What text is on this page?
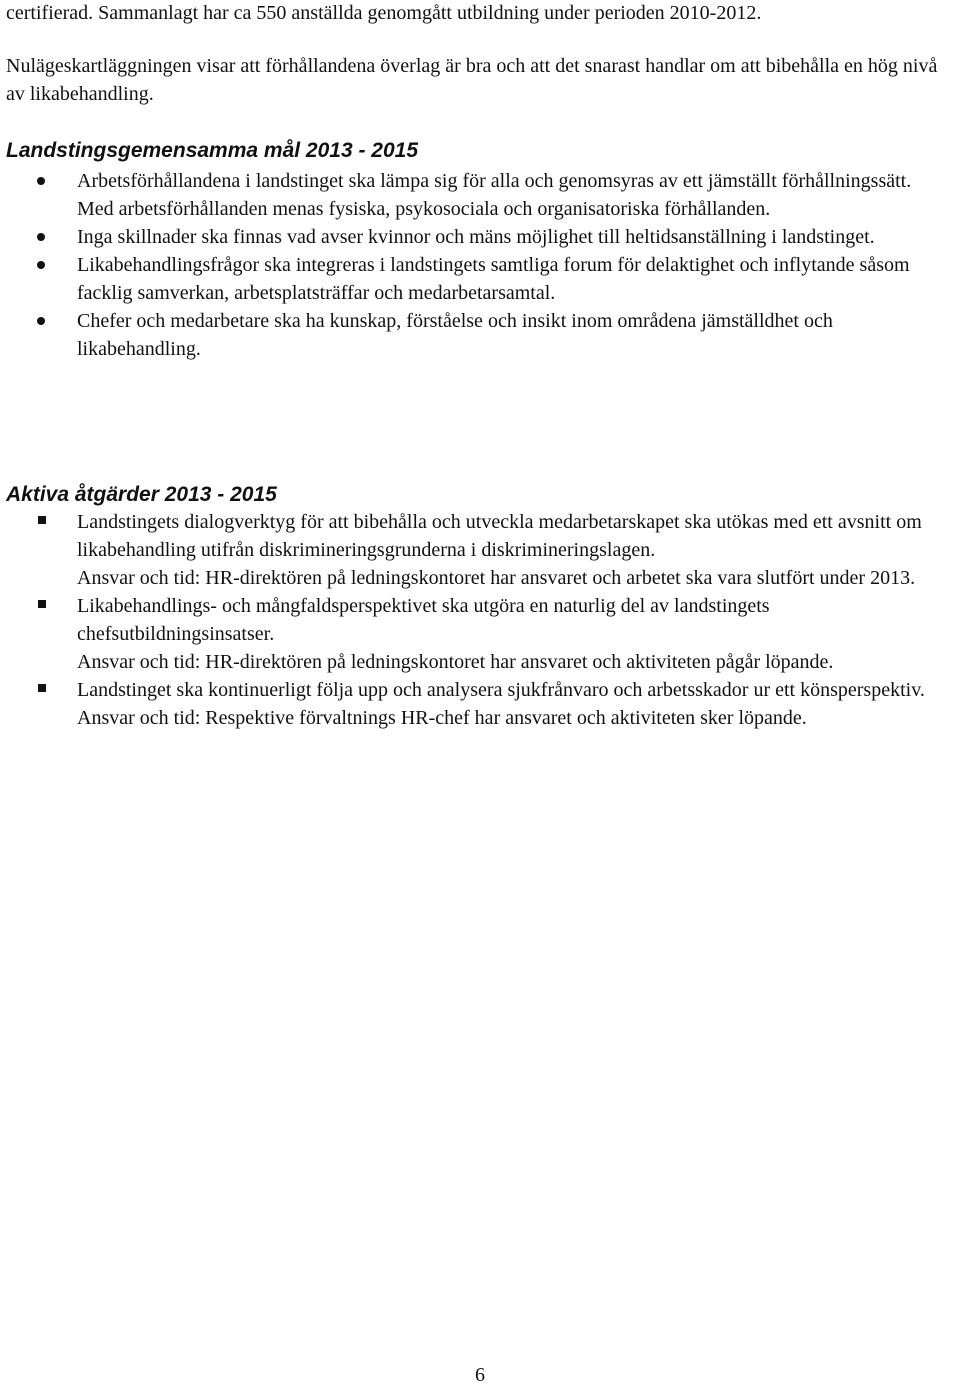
certifierad. Sammanlagt har ca 550 anställda genomgått utbildning under perioden 2010-2012.

Nulägeskartläggningen visar att förhållandena överlag är bra och att det snarast handlar om att bibehålla en hög nivå av likabehandling.

Landstingsgemensamma mål 2013 - 2015
Arbetsförhållandena i landstinget ska lämpa sig för alla och genomsyras av ett jämställt förhållningssätt. Med arbetsförhållanden menas fysiska, psykosociala och organisatoriska förhållanden.
Inga skillnader ska finnas vad avser kvinnor och mäns möjlighet till heltidsanställning i landstinget.
Likabehandlingsfrågor ska integreras i landstingets samtliga forum för delaktighet och inflytande såsom facklig samverkan, arbetsplatsträffar och medarbetarsamtal.
Chefer och medarbetare ska ha kunskap, förståelse och insikt inom områdena jämställdhet och likabehandling.
Aktiva åtgärder 2013 - 2015
Landstingets dialogverktyg för att bibehålla och utveckla medarbetarskapet ska utökas med ett avsnitt om likabehandling utifrån diskrimineringsgrunderna i diskrimineringslagen.
Ansvar och tid: HR-direktören på ledningskontoret har ansvaret och arbetet ska vara slutfört under 2013.
Likabehandlings- och mångfaldsperspektivet ska utgöra en naturlig del av landstingets chefsutbildningsinsatser.
Ansvar och tid: HR-direktören på ledningskontoret har ansvaret och aktiviteten pågår löpande.
Landstinget ska kontinuerligt följa upp och analysera sjukfrånvaro och arbetsskador ur ett könsperspektiv.
Ansvar och tid: Respektive förvaltnings HR-chef har ansvaret och aktiviteten sker löpande.
6
